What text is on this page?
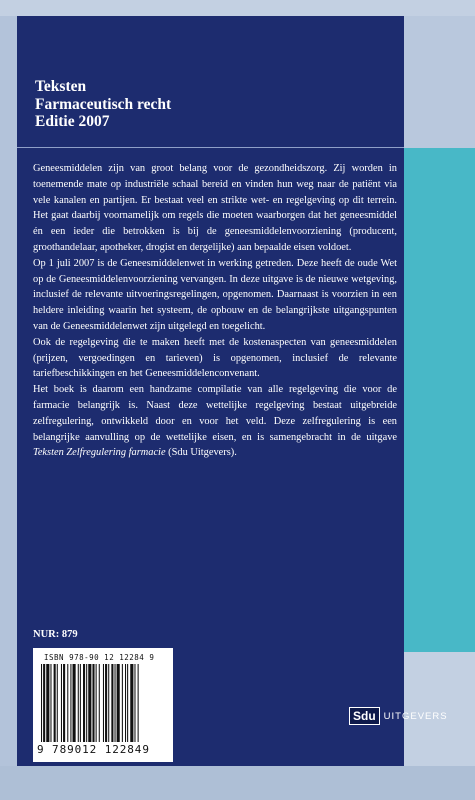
Teksten
Farmaceutisch recht
Editie 2007

Geneesmiddelen zijn van groot belang voor de gezondheidszorg. Zij worden in toenemende mate op industriële schaal bereid en vinden hun weg naar de patiënt via vele kanalen en partijen. Er bestaat veel en strikte wet- en regelgeving op dit terrein. Het gaat daarbij voornamelijk om regels die moeten waarborgen dat het geneesmiddel én een ieder die betrokken is bij de geneesmiddelenvoorziening (producent, groothandelaar, apotheker, drogist en dergelijke) aan bepaalde eisen voldoet.

Op 1 juli 2007 is de Geneesmiddelenwet in werking getreden. Deze heeft de oude Wet op de Geneesmiddelenvoorziening vervangen. In deze uitgave is de nieuwe wetgeving, inclusief de relevante uitvoeringsregelingen, opgenomen. Daarnaast is voorzien in een heldere inleiding waarin het systeem, de opbouw en de belangrijkste uitgangspunten van de Geneesmiddelenwet zijn uitgelegd en toegelicht.

Ook de regelgeving die te maken heeft met de kostenaspecten van geneesmiddelen (prijzen, vergoedingen en tarieven) is opgenomen, inclusief de relevante tariefbeschikkingen en het Geneesmiddelenconvenant.

Het boek is daarom een handzame compilatie van alle regelgeving die voor de farmacie belangrijk is. Naast deze wettelijke regelgeving bestaat uitgebreide zelfregulering, ontwikkeld door en voor het veld. Deze zelfregulering is een belangrijke aanvulling op de wettelijke eisen, en is samengebracht in de uitgave Teksten Zelfregulering farmacie (Sdu Uitgevers).

NUR: 879
ISBN 978-90 12 12284 9
9 789012 122849
Sdu UITGEVERS
